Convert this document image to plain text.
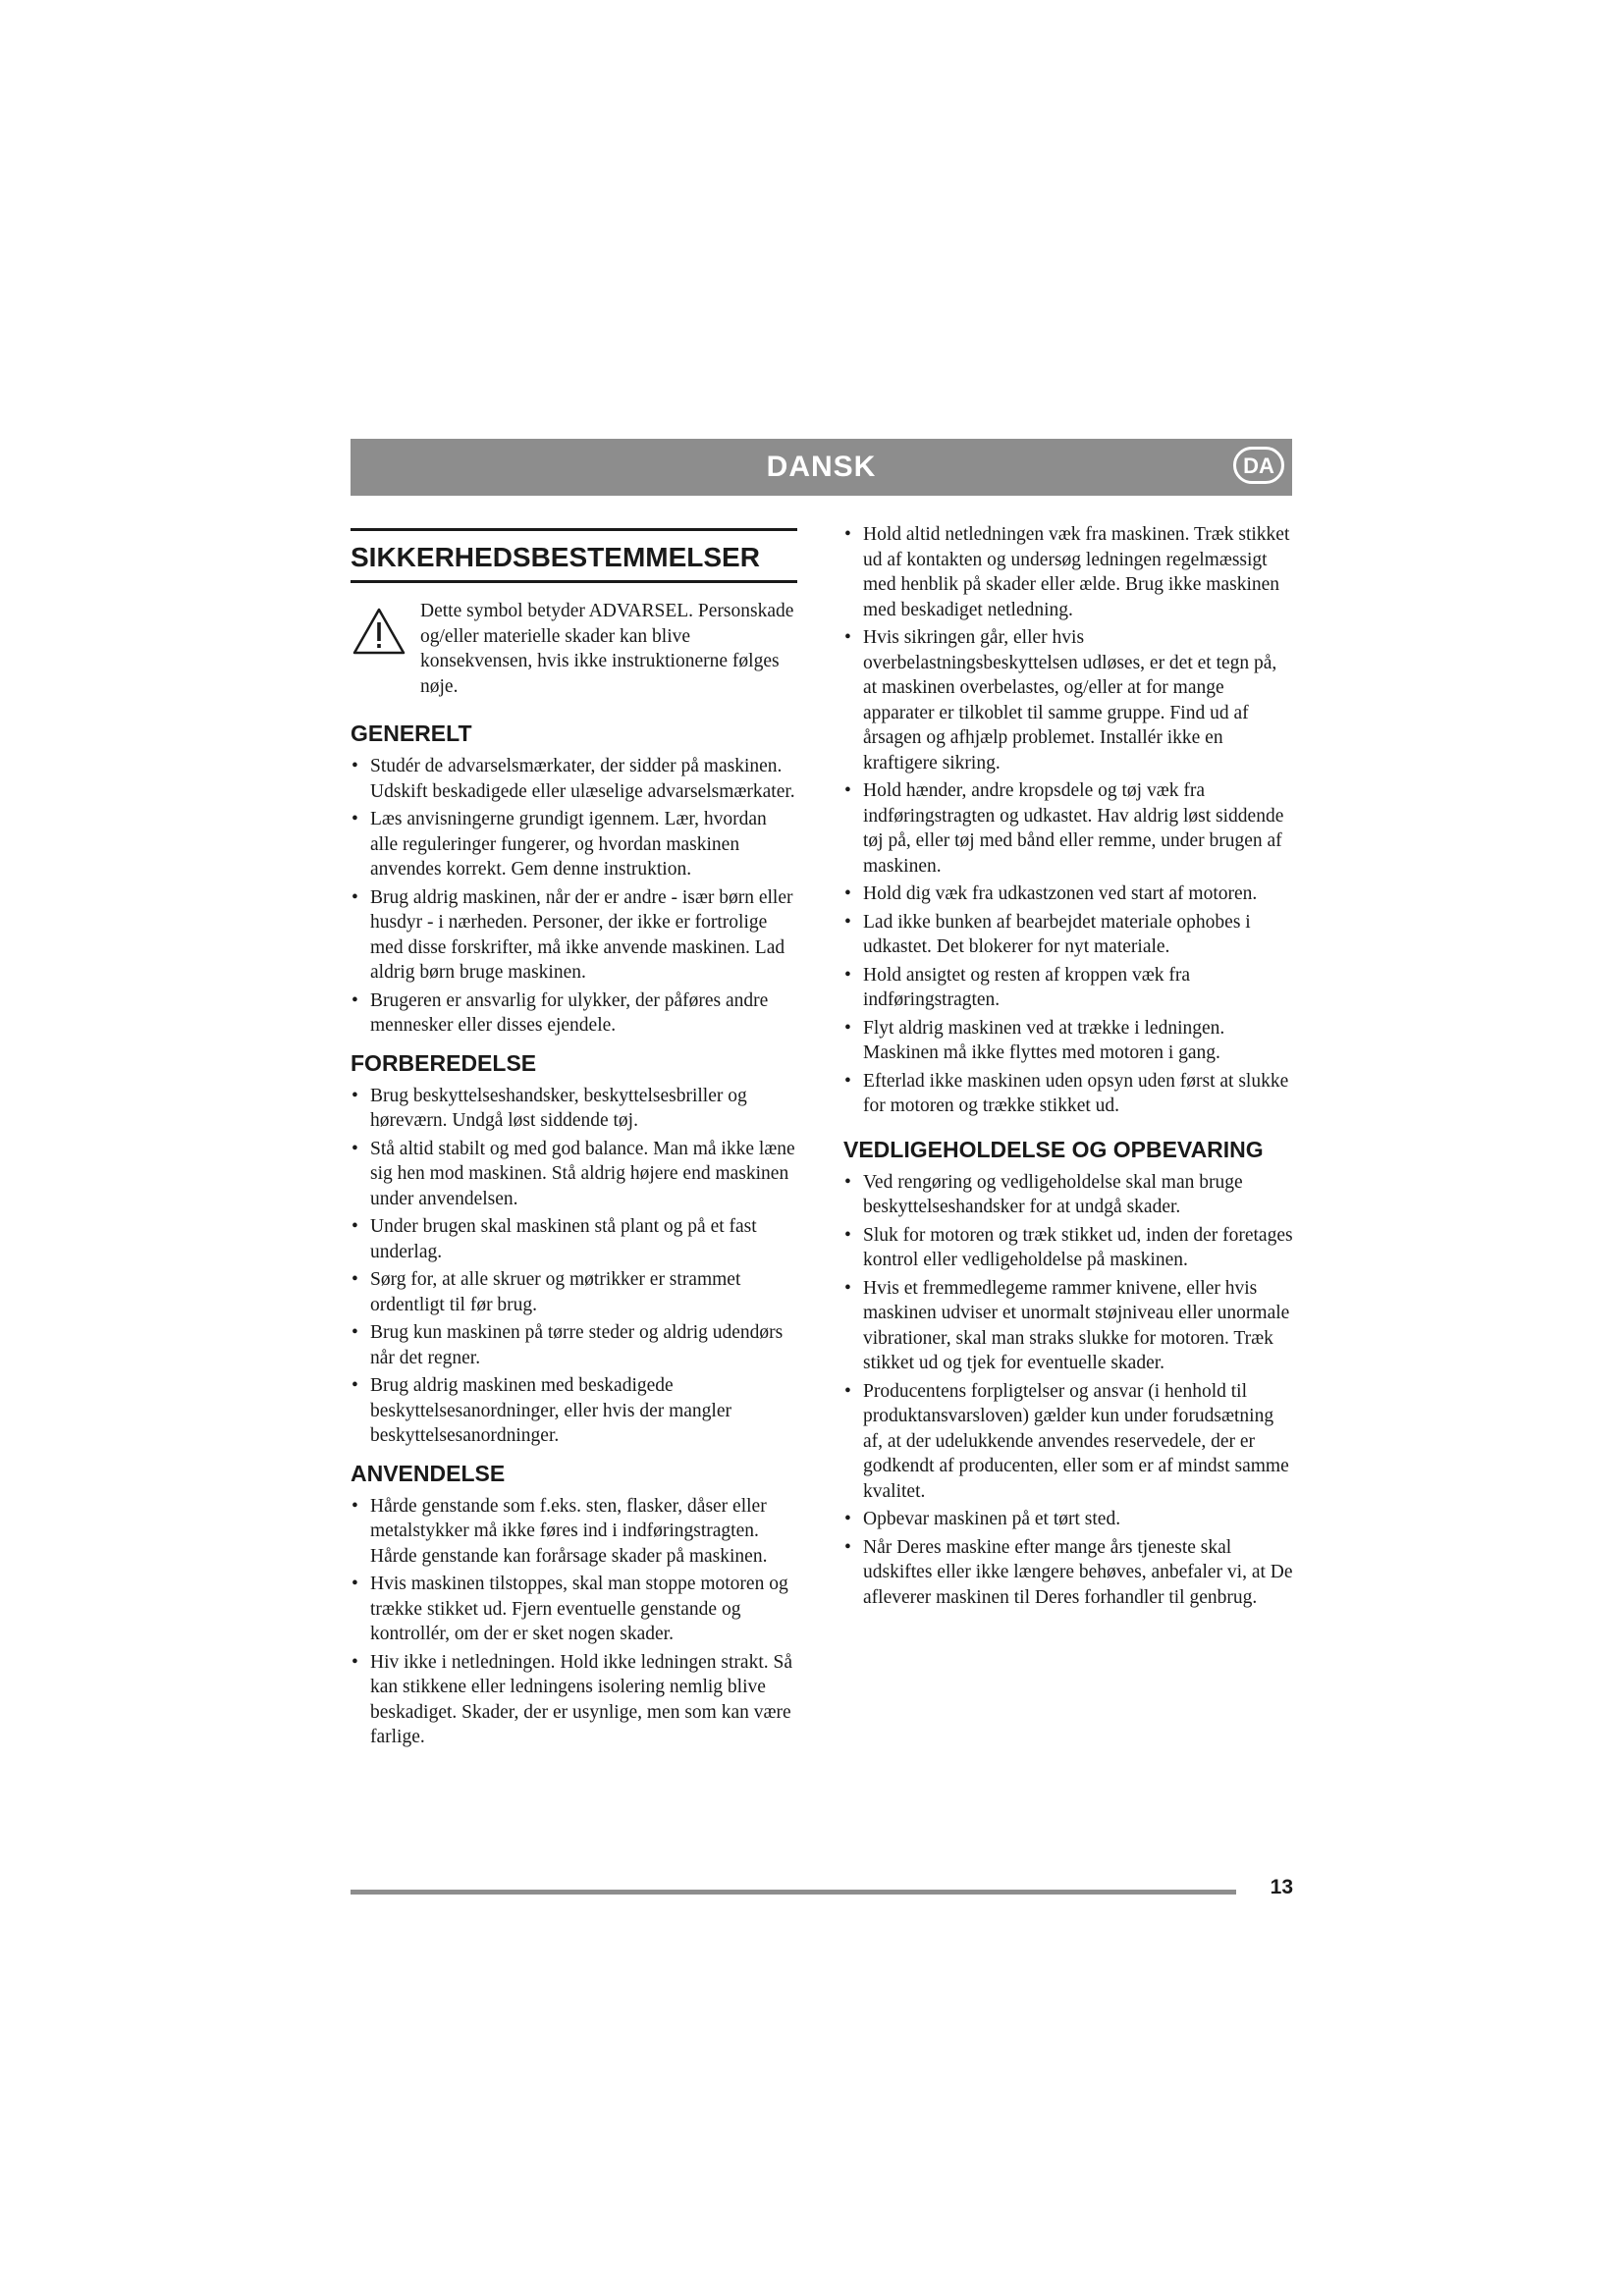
DANSK	DA
SIKKERHEDSBESTEMMELSER
Dette symbol betyder ADVARSEL. Personskade og/eller materielle skader kan blive konsekvensen, hvis ikke instruktionerne følges nøje.
GENERELT
• Studér de advarselsmærkater, der sidder på maskinen. Udskift beskadigede eller ulæselige advarselsmærkater.
• Læs anvisningerne grundigt igennem. Lær, hvordan alle reguleringer fungerer, og hvordan maskinen anvendes korrekt. Gem denne instruktion.
• Brug aldrig maskinen, når der er andre - især børn eller husdyr - i nærheden. Personer, der ikke er fortrolige med disse forskrifter, må ikke anvende maskinen. Lad aldrig børn bruge maskinen.
• Brugeren er ansvarlig for ulykker, der påføres andre mennesker eller disses ejendele.
FORBEREDELSE
• Brug beskyttelseshandsker, beskyttelsesbriller og høreværn. Undgå løst siddende tøj.
• Stå altid stabilt og med god balance. Man må ikke læne sig hen mod maskinen. Stå aldrig højere end maskinen under anvendelsen.
• Under brugen skal maskinen stå plant og på et fast underlag.
• Sørg for, at alle skruer og møtrikker er strammet ordentligt til før brug.
• Brug kun maskinen på tørre steder og aldrig udendørs når det regner.
• Brug aldrig maskinen med beskadigede beskyttelsesanordninger, eller hvis der mangler beskyttelsesanordninger.
ANVENDELSE
• Hårde genstande som f.eks. sten, flasker, dåser eller metalstykker må ikke føres ind i indføringstragten. Hårde genstande kan forårsage skader på maskinen.
• Hvis maskinen tilstoppes, skal man stoppe motoren og trække stikket ud. Fjern eventuelle genstande og kontrollér, om der er sket nogen skader.
• Hiv ikke i netledningen. Hold ikke ledningen strakt. Så kan stikkene eller ledningens isolering nemlig blive beskadiget. Skader, der er usynlige, men som kan være farlige.
• Hold altid netledningen væk fra maskinen. Træk stikket ud af kontakten og undersøg ledningen regelmæssigt med henblik på skader eller ælde. Brug ikke maskinen med beskadiget netledning.
• Hvis sikringen går, eller hvis overbelastningsbeskyttelsen udløses, er det et tegn på, at maskinen overbelastes, og/eller at for mange apparater er tilkoblet til samme gruppe. Find ud af årsagen og afhjælp problemet. Installér ikke en kraftigere sikring.
• Hold hænder, andre kropsdele og tøj væk fra indføringstragten og udkastet. Hav aldrig løst siddende tøj på, eller tøj med bånd eller remme, under brugen af maskinen.
• Hold dig væk fra udkastzonen ved start af motoren.
• Lad ikke bunken af bearbejdet materiale ophobes i udkastet. Det blokerer for nyt materiale.
• Hold ansigtet og resten af kroppen væk fra indføringstragten.
• Flyt aldrig maskinen ved at trække i ledningen. Maskinen må ikke flyttes med motoren i gang.
• Efterlad ikke maskinen uden opsyn uden først at slukke for motoren og trække stikket ud.
VEDLIGEHOLDELSE OG OPBEVARING
• Ved rengøring og vedligeholdelse skal man bruge beskyttelseshandsker for at undgå skader.
• Sluk for motoren og træk stikket ud, inden der foretages kontrol eller vedligeholdelse på maskinen.
• Hvis et fremmedlegeme rammer knivene, eller hvis maskinen udviser et unormalt støjniveau eller unormale vibrationer, skal man straks slukke for motoren. Træk stikket ud og tjek for eventuelle skader.
• Producentens forpligtelser og ansvar (i henhold til produktansvarsloven) gælder kun under forudsætning af, at der udelukkende anvendes reservedele, der er godkendt af producenten, eller som er af mindst samme kvalitet.
• Opbevar maskinen på et tørt sted.
• Når Deres maskine efter mange års tjeneste skal udskiftes eller ikke længere behøves, anbefaler vi, at De afleverer maskinen til Deres forhandler til genbrug.
13
